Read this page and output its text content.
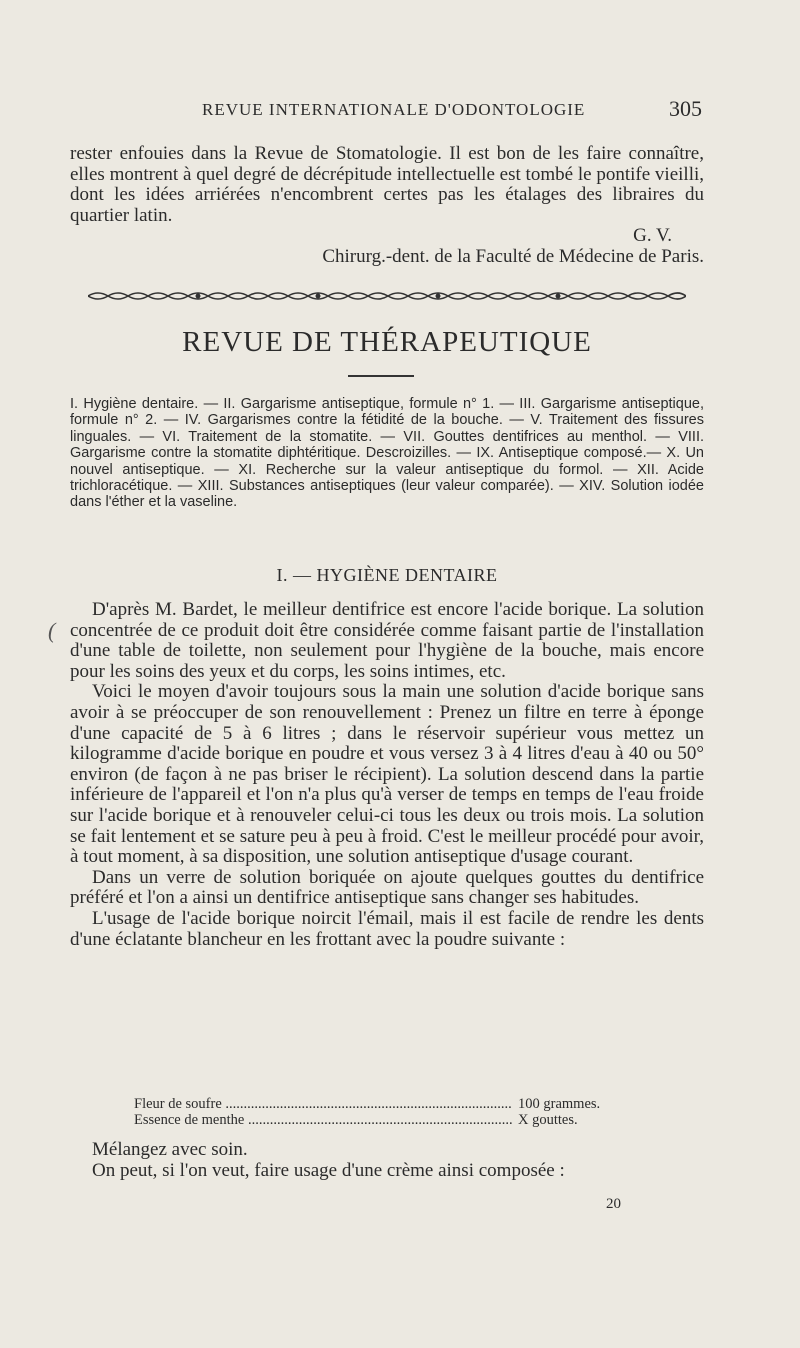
REVUE INTERNATIONALE D'ODONTOLOGIE	305

rester enfouies dans la Revue de Stomatologie. Il est bon de les faire connaître, elles montrent à quel degré de décrépitude intellectuelle est tombé le pontife vieilli, dont les idées arriérées n'encombrent certes pas les étalages des libraires du quartier latin.

G. V.

Chirurg.-dent. de la Faculté de Médecine de Paris.

REVUE DE THÉRAPEUTIQUE
I. Hygiène dentaire. — II. Gargarisme antiseptique, formule n° 1. — III. Gargarisme antiseptique, formule n° 2. — IV. Gargarismes contre la fétidité de la bouche. — V. Traitement des fissures linguales. — VI. Traitement de la stomatite. — VII. Gouttes dentifrices au menthol. — VIII. Gargarisme contre la stomatite diphtéritique. Descroizilles. — IX. Antiseptique composé.— X. Un nouvel antiseptique. — XI. Recherche sur la valeur antiseptique du formol. — XII. Acide trichloracétique. — XIII. Substances antiseptiques (leur valeur comparée). — XIV. Solution iodée dans l'éther et la vaseline.
I. — HYGIÈNE DENTAIRE
(

D'après M. Bardet, le meilleur dentifrice est encore l'acide borique. La solution concentrée de ce produit doit être considérée comme faisant partie de l'installation d'une table de toilette, non seulement pour l'hygiène de la bouche, mais encore pour les soins des yeux et du corps, les soins intimes, etc.

Voici le moyen d'avoir toujours sous la main une solution d'acide borique sans avoir à se préoccuper de son renouvellement : Prenez un filtre en terre à éponge d'une capacité de 5 à 6 litres ; dans le réservoir supérieur vous mettez un kilogramme d'acide borique en poudre et vous versez 3 à 4 litres d'eau à 40 ou 50° environ (de façon à ne pas briser le récipient). La solution descend dans la partie inférieure de l'appareil et l'on n'a plus qu'à verser de temps en temps de l'eau froide sur l'acide borique et à renouveler celui-ci tous les deux ou trois mois. La solution se fait lentement et se sature peu à peu à froid. C'est le meilleur procédé pour avoir, à tout moment, à sa disposition, une solution antiseptique d'usage courant.

Dans un verre de solution boriquée on ajoute quelques gouttes du dentifrice préféré et l'on a ainsi un dentifrice antiseptique sans changer ses habitudes.

L'usage de l'acide borique noircit l'émail, mais il est facile de rendre les dents d'une éclatante blancheur en les frottant avec la poudre suivante :

Fleur de soufre .....	100 grammes.
Essence de menthe .....	X gouttes.

Mélangez avec soin.

On peut, si l'on veut, faire usage d'une crème ainsi composée :

20
